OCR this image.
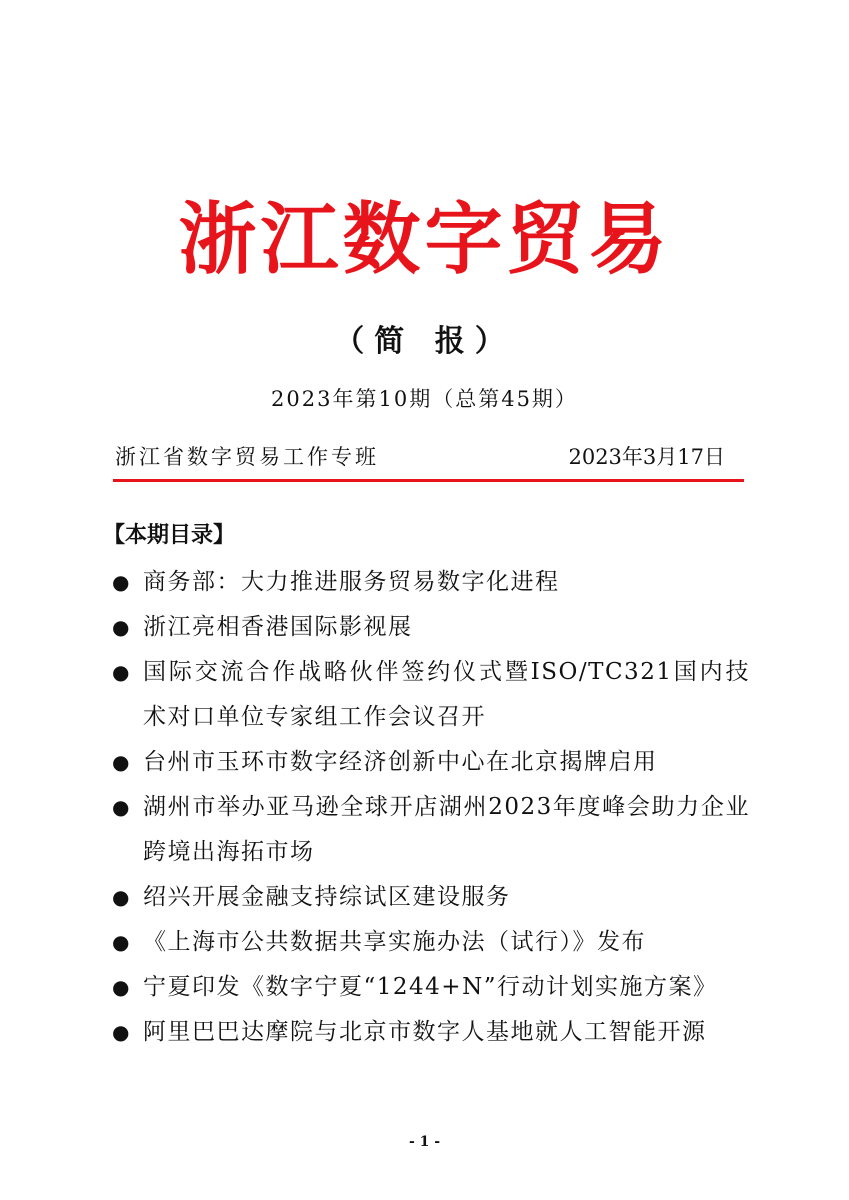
浙江数字贸易
（简 报）
2023年第10期（总第45期）
浙江省数字贸易工作专班	2023年3月17日
【本期目录】
● 商务部：大力推进服务贸易数字化进程
● 浙江亮相香港国际影视展
● 国际交流合作战略伙伴签约仪式暨ISO/TC321国内技术对口单位专家组工作会议召开
● 台州市玉环市数字经济创新中心在北京揭牌启用
● 湖州市举办亚马逊全球开店湖州2023年度峰会助力企业跨境出海拓市场
● 绍兴开展金融支持综试区建设服务
● 《上海市公共数据共享实施办法（试行）》发布
● 宁夏印发《数字宁夏“1244+N”行动计划实施方案》
● 阿里巴巴达摩院与北京市数字人基地就人工智能开源
- 1 -
